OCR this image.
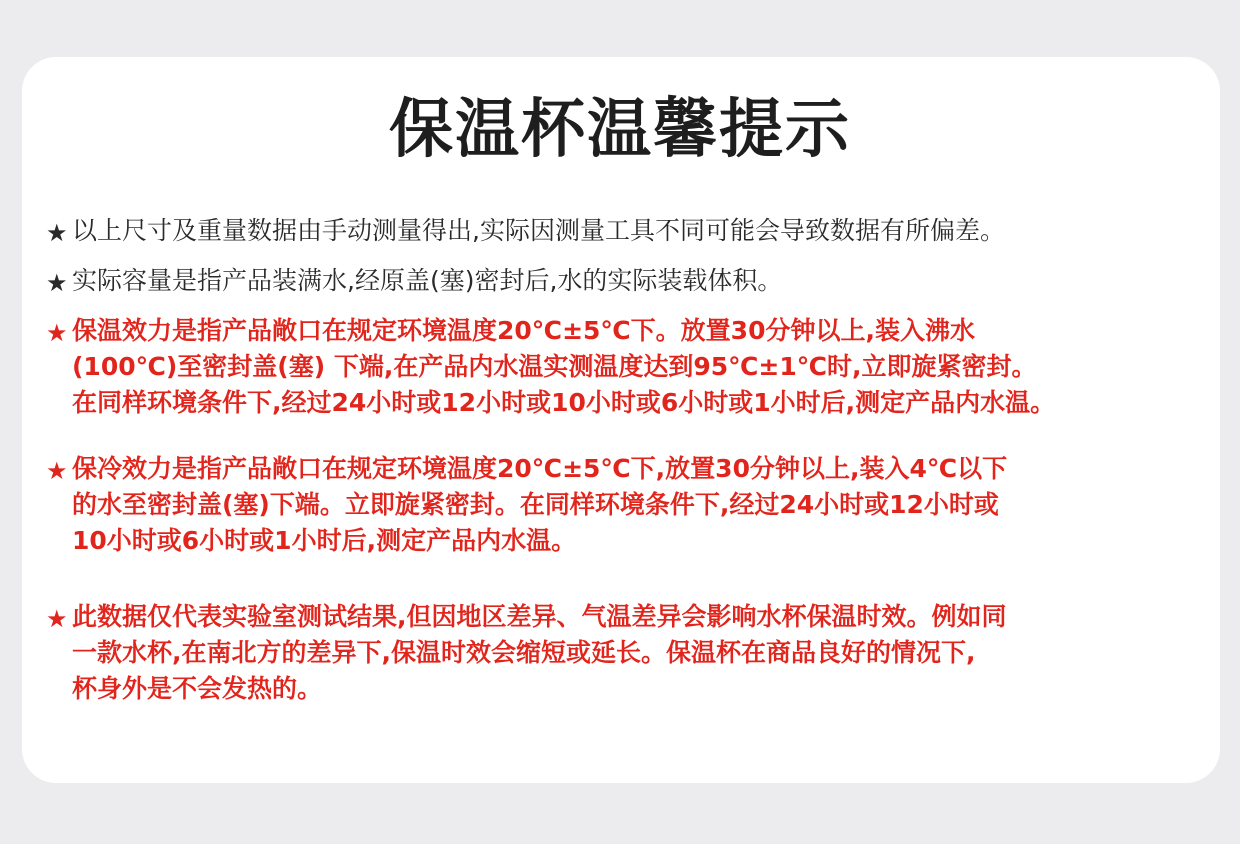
保温杯温馨提示
★ 以上尺寸及重量数据由手动测量得出,实际因测量工具不同可能会导致数据有所偏差。
★ 实际容量是指产品装满水,经原盖(塞)密封后,水的实际装载体积。
★ 保温效力是指产品敞口在规定环境温度20℃±5℃下。放置30分钟以上,装入沸水
(100℃)至密封盖(塞) 下端,在产品内水温实测温度达到95℃±1℃时,立即旋紧密封。
在同样环境条件下,经过24小时或12小时或10小时或6小时或1小时后,测定产品内水温。
★ 保冷效力是指产品敞口在规定环境温度20℃±5℃下,放置30分钟以上,装入4℃以下
的水至密封盖(塞)下端。立即旋紧密封。在同样环境条件下,经过24小时或12小时或
10小时或6小时或1小时后,测定产品内水温。
★ 此数据仅代表实验室测试结果,但因地区差异、气温差异会影响水杯保温时效。例如同
一款水杯,在南北方的差异下,保温时效会缩短或延长。保温杯在商品良好的情况下,
杯身外是不会发热的。
